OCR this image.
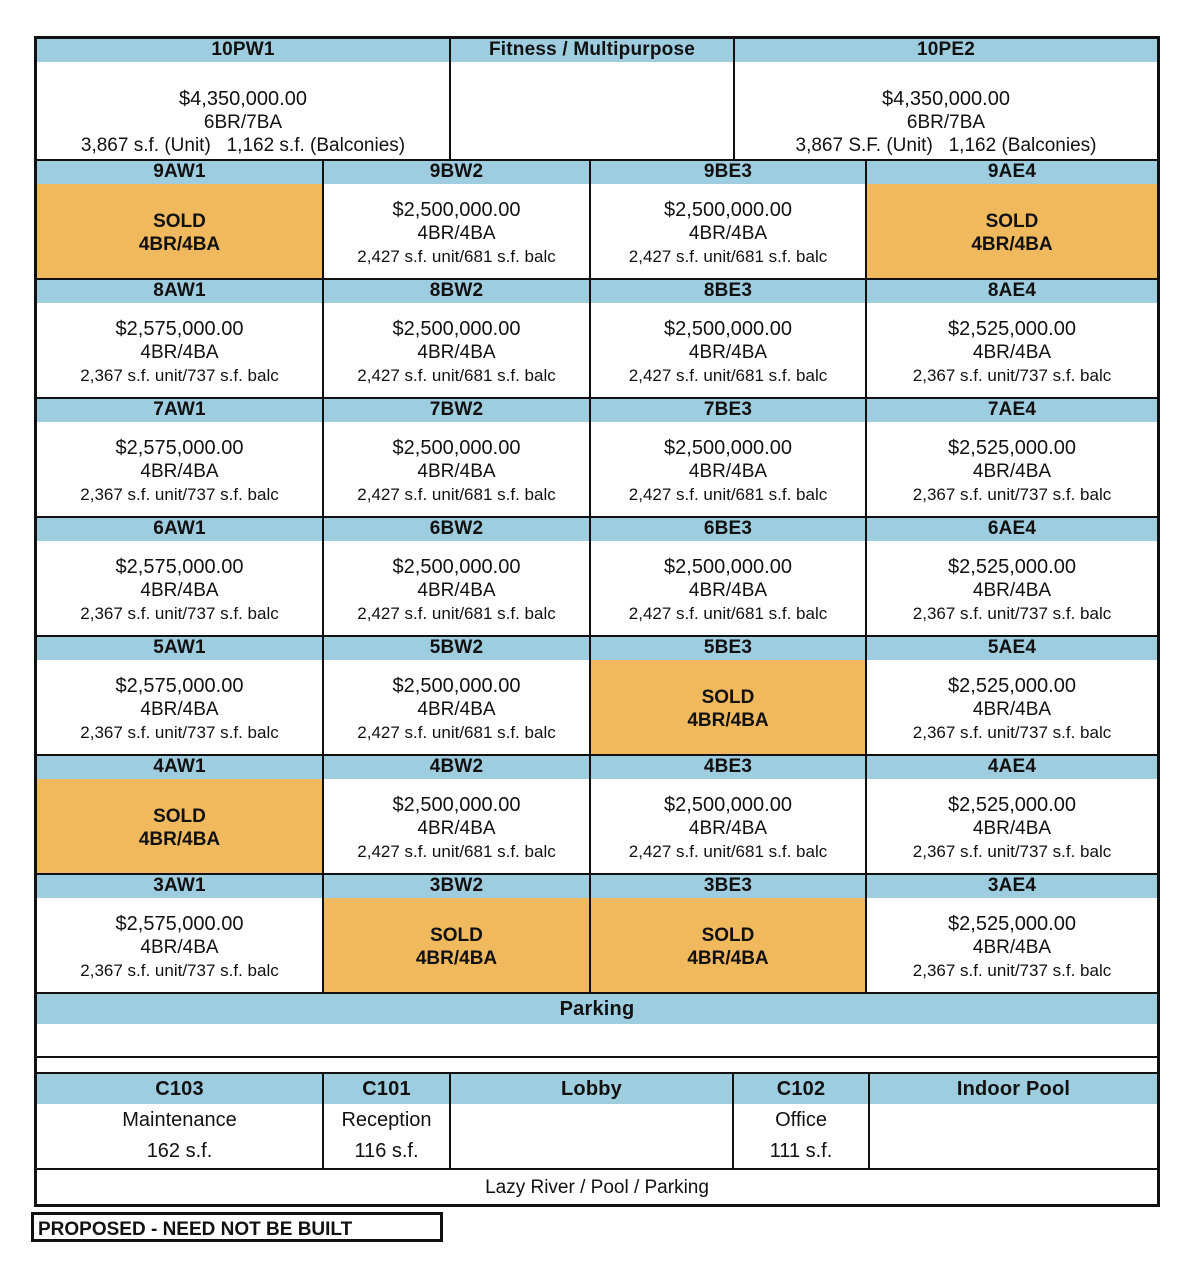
10PW1
$4,350,000.00
6BR/7BA
3,867 s.f. (Unit)   1,162 s.f. (Balconies)
Fitness / Multipurpose	10PE2
$4,350,000.00
6BR/7BA
3,867 S.F. (Unit)   1,162 (Balconies)
9AW1
SOLD
4BR/4BA
9BW2
$2,500,000.00
4BR/4BA
2,427 s.f. unit/681 s.f. balc
9BE3
$2,500,000.00
4BR/4BA
2,427 s.f. unit/681 s.f. balc
9AE4
SOLD
4BR/4BA
8AW1
$2,575,000.00
4BR/4BA
2,367 s.f. unit/737 s.f. balc
8BW2
$2,500,000.00
4BR/4BA
2,427 s.f. unit/681 s.f. balc
8BE3
$2,500,000.00
4BR/4BA
2,427 s.f. unit/681 s.f. balc
8AE4
$2,525,000.00
4BR/4BA
2,367 s.f. unit/737 s.f. balc
7AW1
$2,575,000.00
4BR/4BA
2,367 s.f. unit/737 s.f. balc
7BW2
$2,500,000.00
4BR/4BA
2,427 s.f. unit/681 s.f. balc
7BE3
$2,500,000.00
4BR/4BA
2,427 s.f. unit/681 s.f. balc
7AE4
$2,525,000.00
4BR/4BA
2,367 s.f. unit/737 s.f. balc
6AW1
$2,575,000.00
4BR/4BA
2,367 s.f. unit/737 s.f. balc
6BW2
$2,500,000.00
4BR/4BA
2,427 s.f. unit/681 s.f. balc
6BE3
$2,500,000.00
4BR/4BA
2,427 s.f. unit/681 s.f. balc
6AE4
$2,525,000.00
4BR/4BA
2,367 s.f. unit/737 s.f. balc
5AW1
$2,575,000.00
4BR/4BA
2,367 s.f. unit/737 s.f. balc
5BW2
$2,500,000.00
4BR/4BA
2,427 s.f. unit/681 s.f. balc
5BE3
SOLD
4BR/4BA
5AE4
$2,525,000.00
4BR/4BA
2,367 s.f. unit/737 s.f. balc
4AW1
SOLD
4BR/4BA
4BW2
$2,500,000.00
4BR/4BA
2,427 s.f. unit/681 s.f. balc
4BE3
$2,500,000.00
4BR/4BA
2,427 s.f. unit/681 s.f. balc
4AE4
$2,525,000.00
4BR/4BA
2,367 s.f. unit/737 s.f. balc
3AW1
$2,575,000.00
4BR/4BA
2,367 s.f. unit/737 s.f. balc
3BW2
SOLD
4BR/4BA
3BE3
SOLD
4BR/4BA
3AE4
$2,525,000.00
4BR/4BA
2,367 s.f. unit/737 s.f. balc
Parking
C103
Maintenance
162 s.f.
C101
Reception
116 s.f.
Lobby	C102
Office
111 s.f.
Indoor Pool
Lazy River / Pool / Parking
PROPOSED - NEED NOT BE BUILT
